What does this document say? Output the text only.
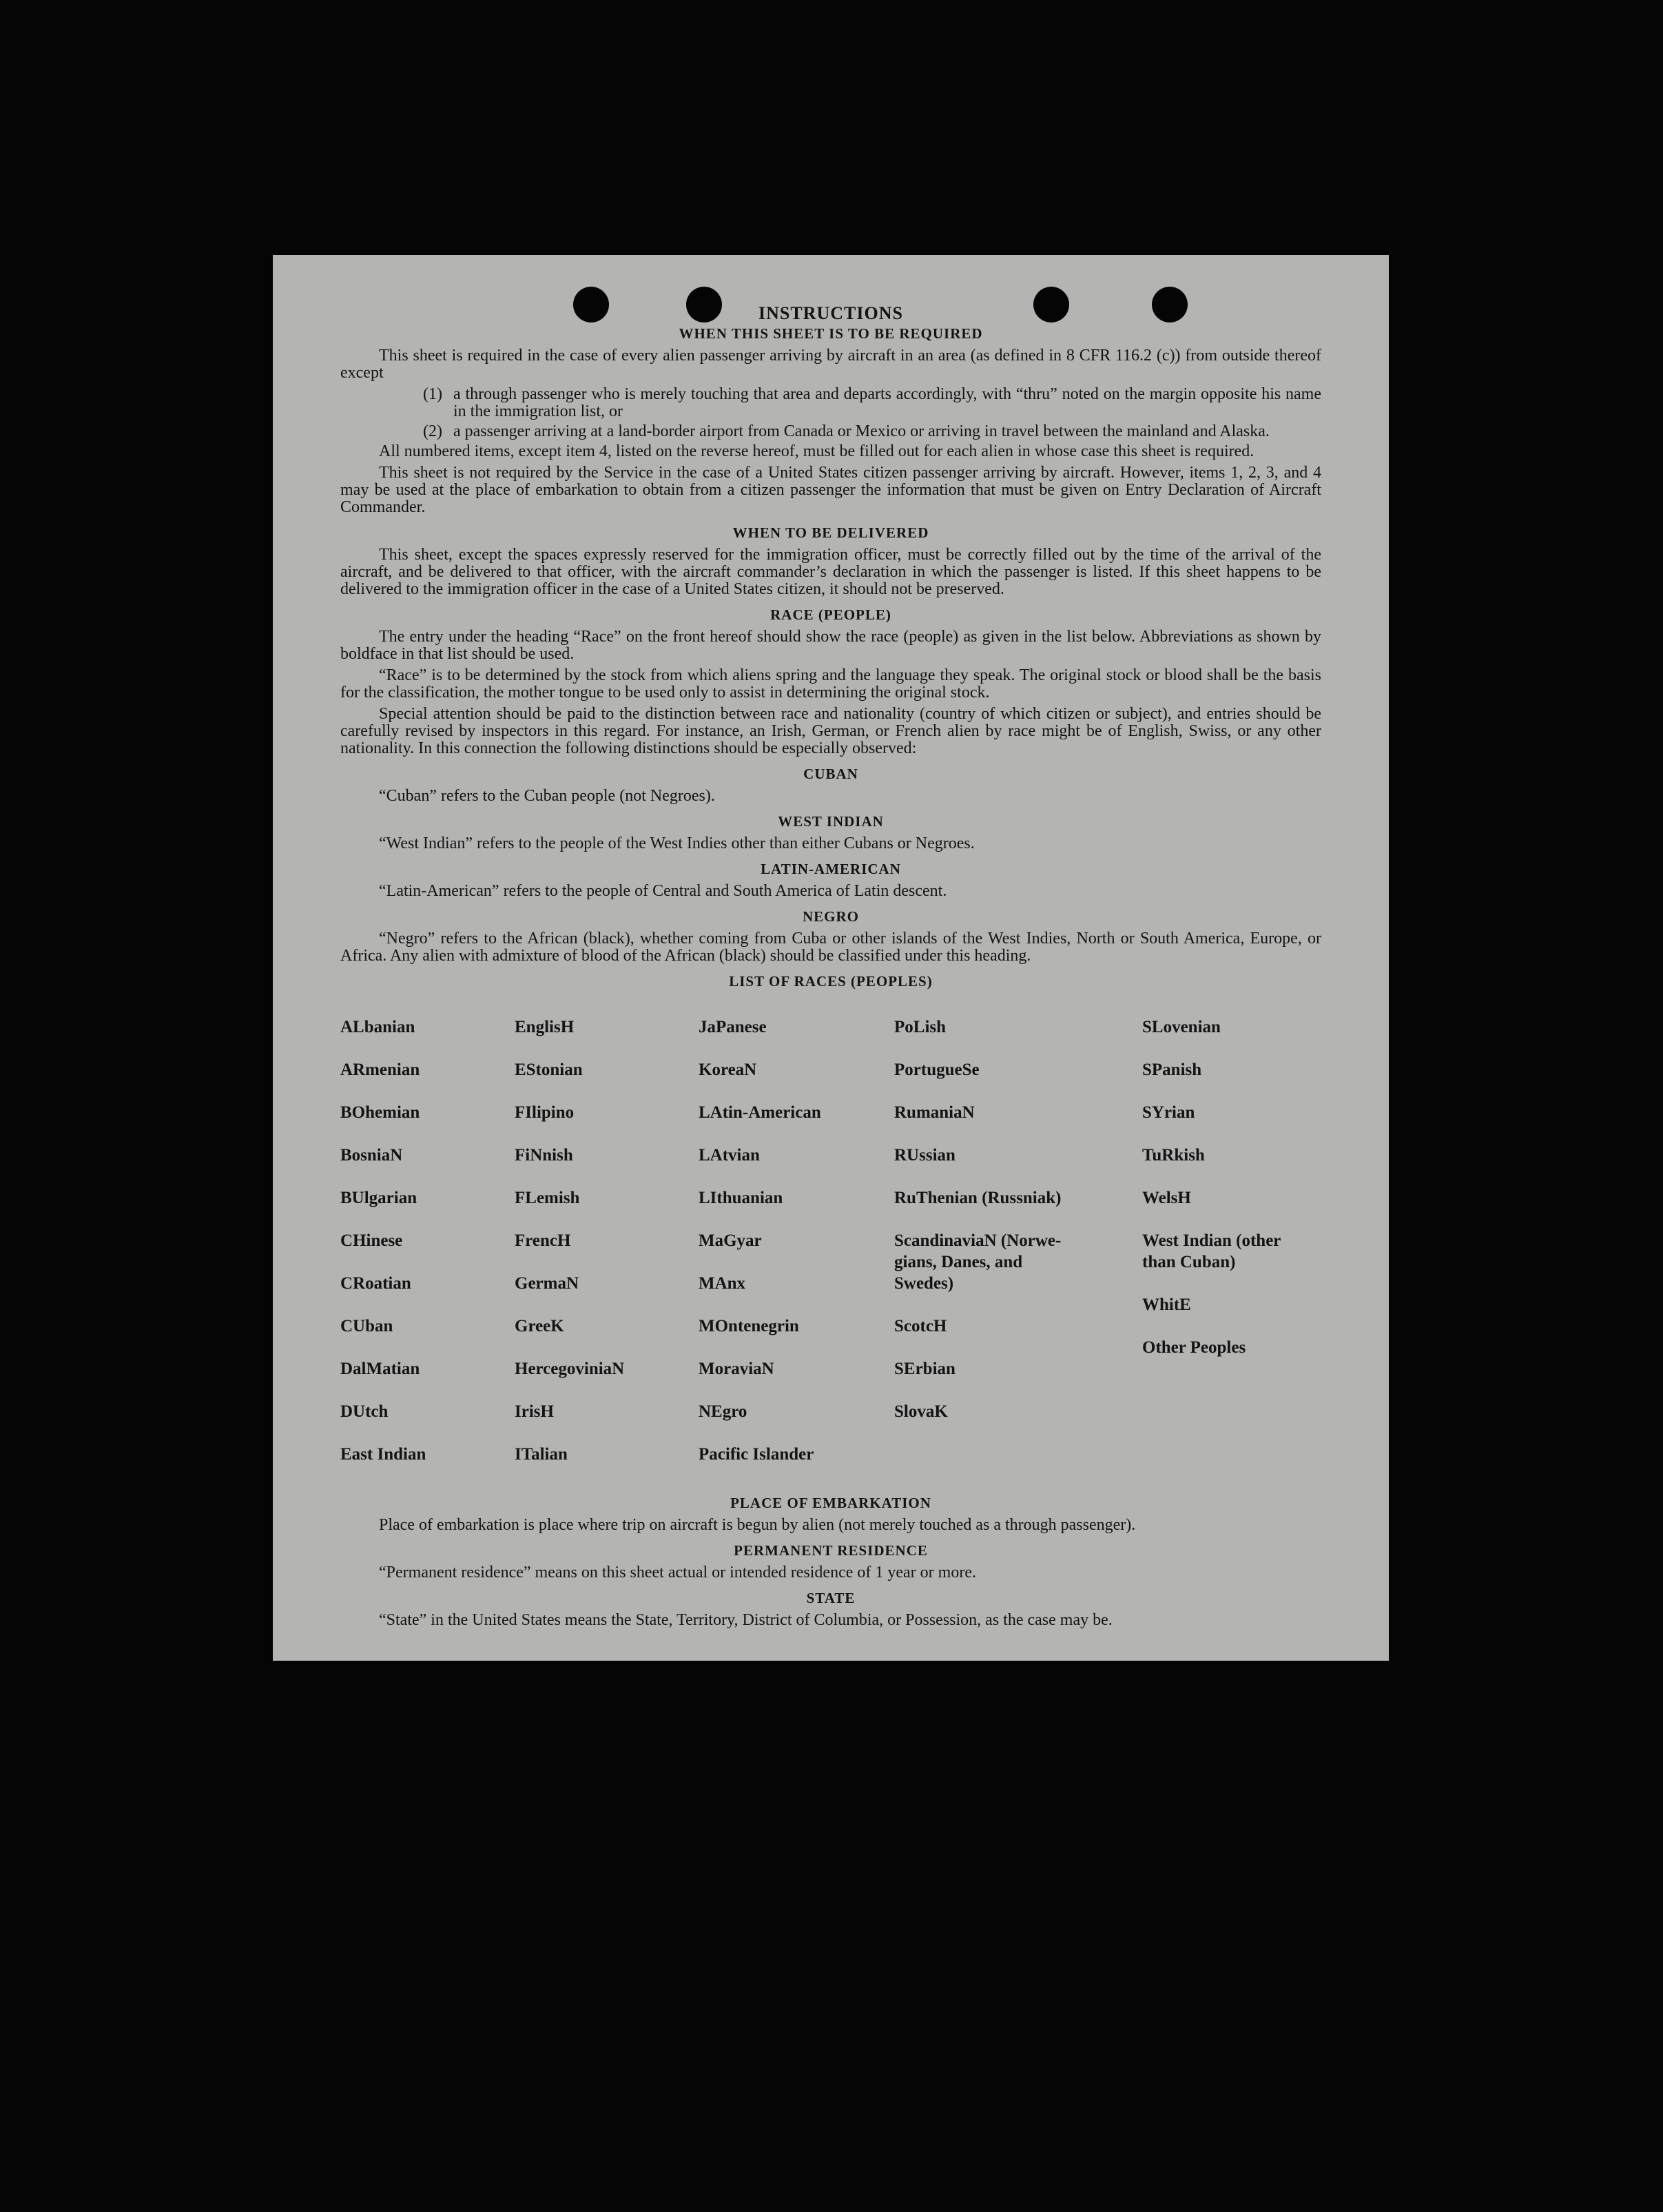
INSTRUCTIONS
WHEN THIS SHEET IS TO BE REQUIRED

This sheet is required in the case of every alien passenger arriving by aircraft in an area (as defined in 8 CFR 116.2 (c)) from outside thereof except

(1) a through passenger who is merely touching that area and departs accordingly, with “thru” noted on the margin opposite his name in the immigration list, or
(2) a passenger arriving at a land-border airport from Canada or Mexico or arriving in travel between the mainland and Alaska.

All numbered items, except item 4, listed on the reverse hereof, must be filled out for each alien in whose case this sheet is required.

This sheet is not required by the Service in the case of a United States citizen passenger arriving by aircraft. However, items 1, 2, 3, and 4 may be used at the place of embarkation to obtain from a citizen passenger the information that must be given on Entry Declaration of Aircraft Commander.

WHEN TO BE DELIVERED

This sheet, except the spaces expressly reserved for the immigration officer, must be correctly filled out by the time of the arrival of the aircraft, and be delivered to that officer, with the aircraft commander’s declaration in which the passenger is listed. If this sheet happens to be delivered to the immigration officer in the case of a United States citizen, it should not be preserved.

RACE (PEOPLE)

The entry under the heading “Race” on the front hereof should show the race (people) as given in the list below. Abbreviations as shown by boldface in that list should be used.

“Race” is to be determined by the stock from which aliens spring and the language they speak. The original stock or blood shall be the basis for the classification, the mother tongue to be used only to assist in determining the original stock.

Special attention should be paid to the distinction between race and nationality (country of which citizen or subject), and entries should be carefully revised by inspectors in this regard. For instance, an Irish, German, or French alien by race might be of English, Swiss, or any other nationality. In this connection the following distinctions should be especially observed:

CUBAN

“Cuban” refers to the Cuban people (not Negroes).

WEST INDIAN

“West Indian” refers to the people of the West Indies other than either Cubans or Negroes.

LATIN-AMERICAN

“Latin-American” refers to the people of Central and South America of Latin descent.

NEGRO

“Negro” refers to the African (black), whether coming from Cuba or other islands of the West Indies, North or South America, Europe, or Africa. Any alien with admixture of blood of the African (black) should be classified under this heading.

LIST OF RACES (PEOPLES)

ALbanian

ARmenian

BOhemian

BosniaN

BUlgarian

CHinese

CRoatian

CUban

DalMatian

DUtch

East Indian

EnglisH

EStonian

FIlipino

FiNnish

FLemish

FrencH

GermaN

GreeK

HercegoviniaN

IrisH

ITalian

JaPanese

KoreaN

LAtin-American

LAtvian

LIthuanian

MaGyar

MAnx

MOntenegrin

MoraviaN

NEgro

Pacific Islander

PoLish

PortugueSe

RumaniaN

RUssian

RuThenian (Russniak)

ScandinaviaN (Norwe-
gians, Danes, and
Swedes)

ScotcH

SErbian

SlovaK

SLovenian

SPanish

SYrian

TuRkish

WelsH

West Indian (other
than Cuban)

WhitE

Other Peoples

PLACE OF EMBARKATION

Place of embarkation is place where trip on aircraft is begun by alien (not merely touched as a through passenger).

PERMANENT RESIDENCE

“Permanent residence” means on this sheet actual or intended residence of 1 year or more.

STATE

“State” in the United States means the State, Territory, District of Columbia, or Possession, as the case may be.
